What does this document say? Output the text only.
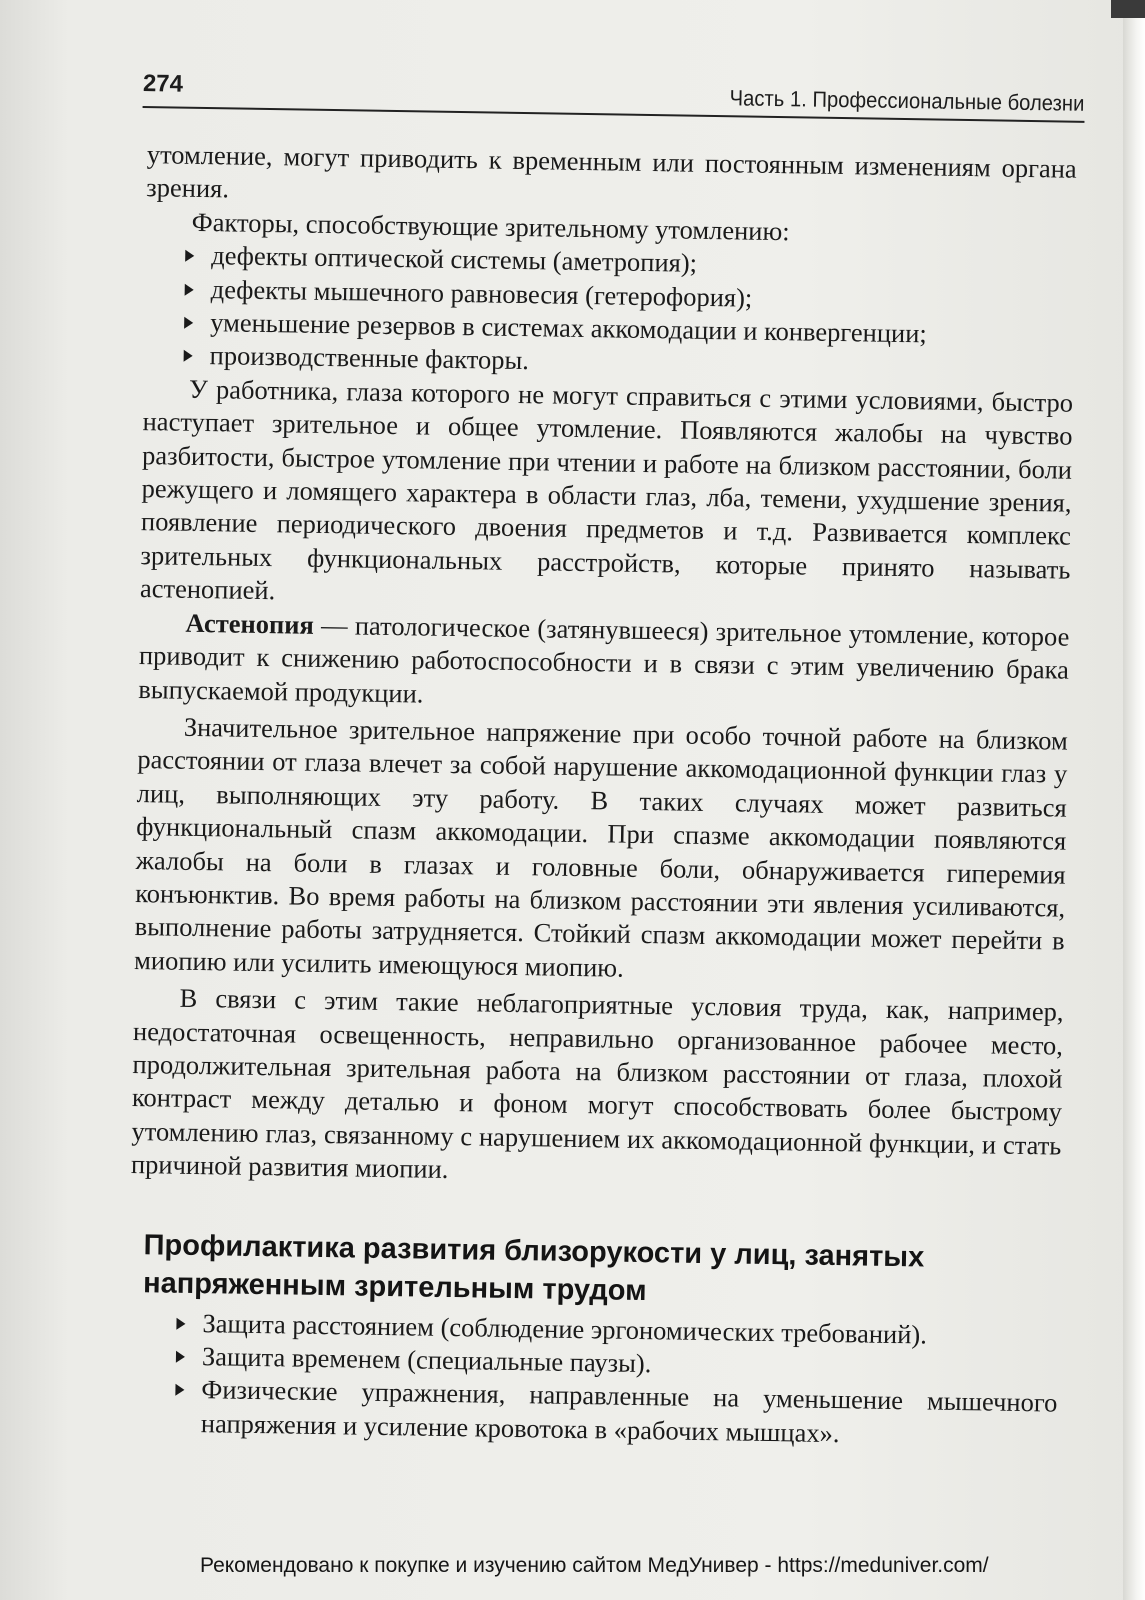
274
Часть 1. Профессиональные болезни

утомление, могут приводить к временным или постоянным изменениям органа зрения.

Факторы, способствующие зрительному утомлению:

дефекты оптической системы (аметропия);
дефекты мышечного равновесия (гетерофория);
уменьшение резервов в системах аккомодации и конвергенции;
производственные факторы.

У работника, глаза которого не могут справиться с этими условиями, быстро наступает зрительное и общее утомление. Появляются жалобы на чувство разбитости, быстрое утомление при чтении и работе на близком расстоянии, боли режущего и ломящего характера в области глаз, лба, темени, ухудшение зрения, появление периодического двоения предметов и т.д. Развивается комплекс зрительных функциональных расстройств, которые принято называть астенопией.

Астенопия — патологическое (затянувшееся) зрительное утомление, которое приводит к снижению работоспособности и в связи с этим увеличению брака выпускаемой продукции.

Значительное зрительное напряжение при особо точной работе на близком расстоянии от глаза влечет за собой нарушение аккомодационной функции глаз у лиц, выполняющих эту работу. В таких случаях может развиться функциональный спазм аккомодации. При спазме аккомодации появляются жалобы на боли в глазах и головные боли, обнаруживается гиперемия конъюнктив. Во время работы на близком расстоянии эти явления усиливаются, выполнение работы затрудняется. Стойкий спазм аккомодации может перейти в миопию или усилить имеющуюся миопию.

В связи с этим такие неблагоприятные условия труда, как, например, недостаточная освещенность, неправильно организованное рабочее место, продолжительная зрительная работа на близком расстоянии от глаза, плохой контраст между деталью и фоном могут способствовать более быстрому утомлению глаз, связанному с нарушением их аккомодационной функции, и стать причиной развития миопии.

Профилактика развития близорукости у лиц, занятых напряженным зрительным трудом
Защита расстоянием (соблюдение эргономических требований).
Защита временем (специальные паузы).
Физические упражнения, направленные на уменьшение мышечного напряжения и усиление кровотока в «рабочих мышцах».
Рекомендовано к покупке и изучению сайтом МедУнивер - https://meduniver.com/
